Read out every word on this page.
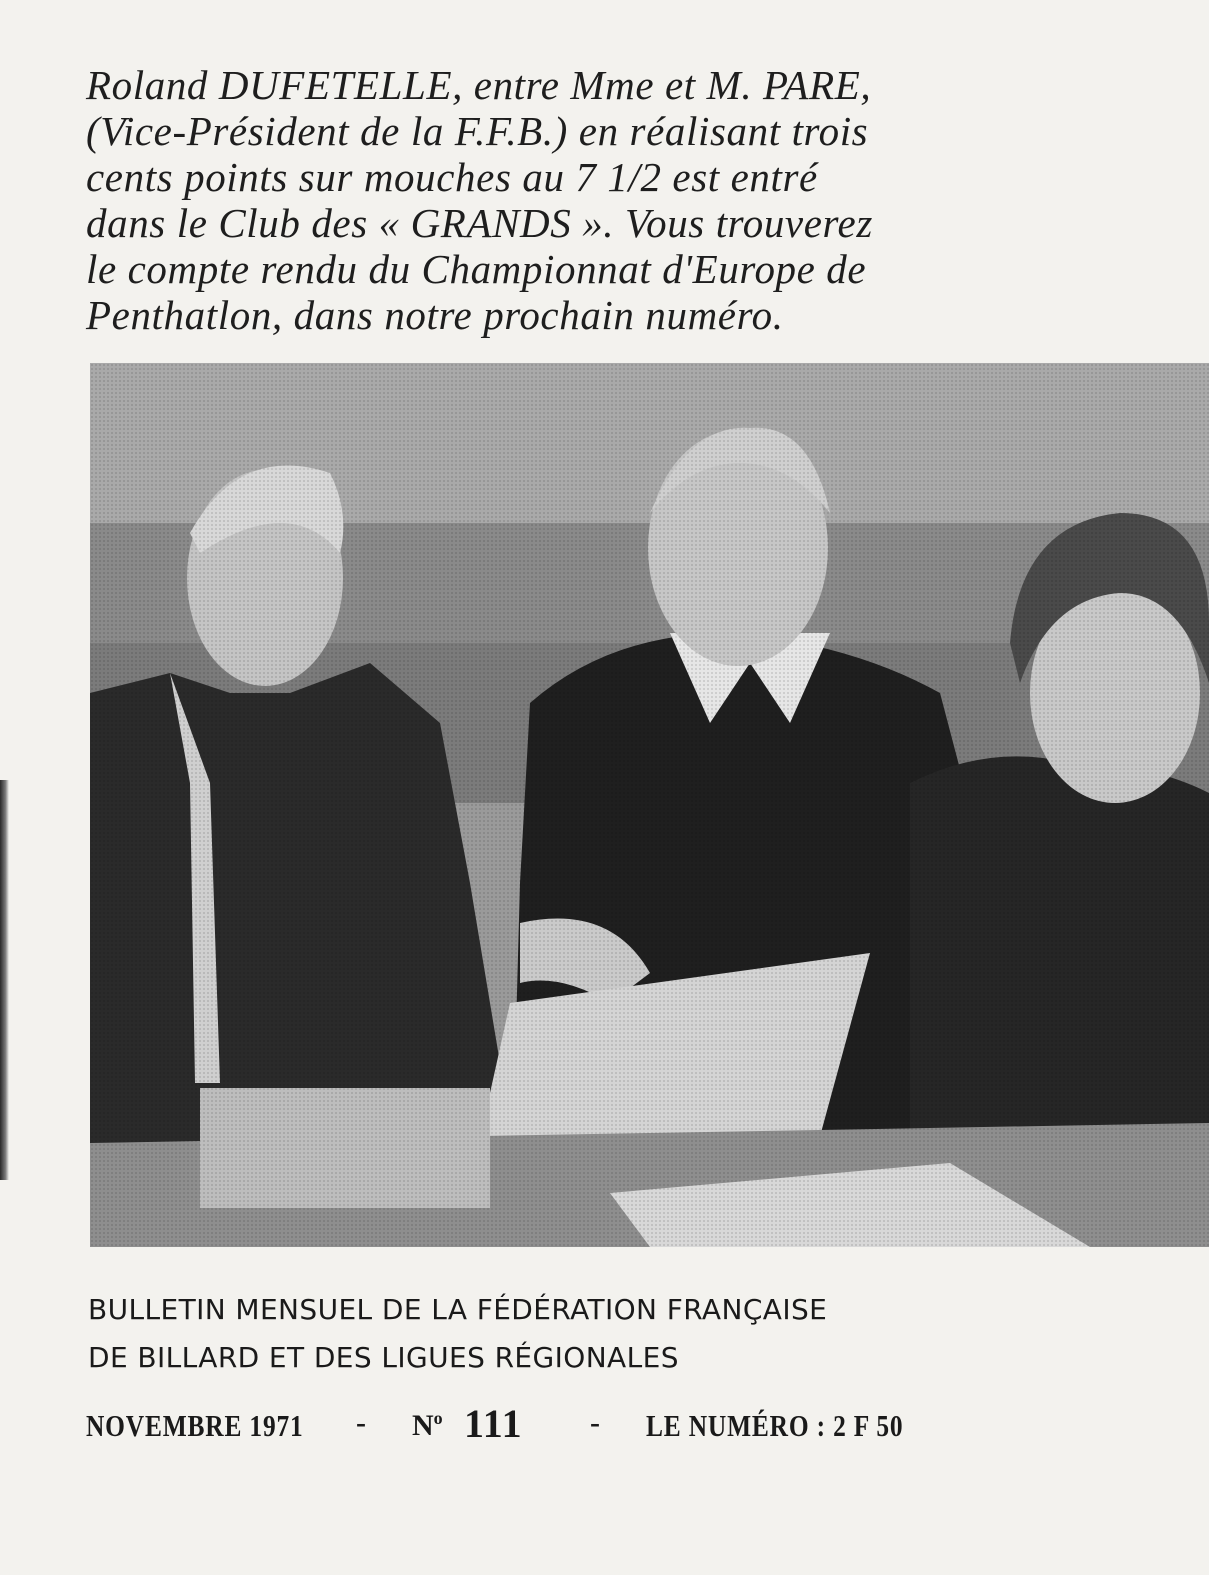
Roland DUFETELLE, entre Mme et M. PARE,
(Vice-Président de la F.F.B.) en réalisant trois
cents points sur mouches au 7 1/2 est entré
dans le Club des « GRANDS ». Vous trouverez
le compte rendu du Championnat d'Europe de
Penthatlon, dans notre prochain numéro.
BULLETIN MENSUEL DE LA FÉDÉRATION FRANÇAISE
DE BILLARD ET DES LIGUES RÉGIONALES
NOVEMBRE $1971 - N^o$ 111 - LE NUMÉRO : 2 F 50
